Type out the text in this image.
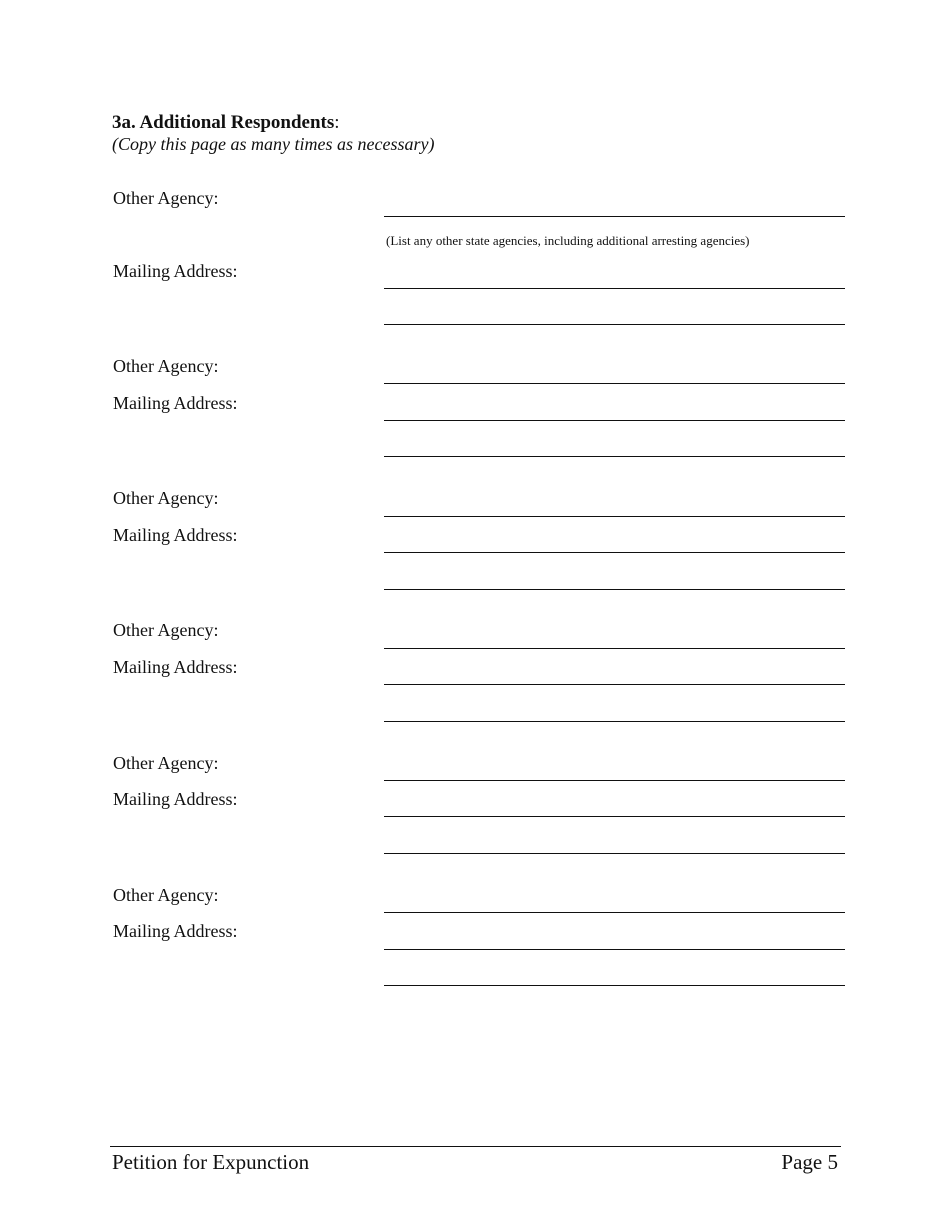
3a. Additional Respondents:
(Copy this page as many times as necessary)
Other Agency:
(List any other state agencies, including additional arresting agencies)
Mailing Address:
Other Agency:
Mailing Address:
Other Agency:
Mailing Address:
Other Agency:
Mailing Address:
Other Agency:
Mailing Address:
Other Agency:
Mailing Address:
Petition for Expunction	Page 5
